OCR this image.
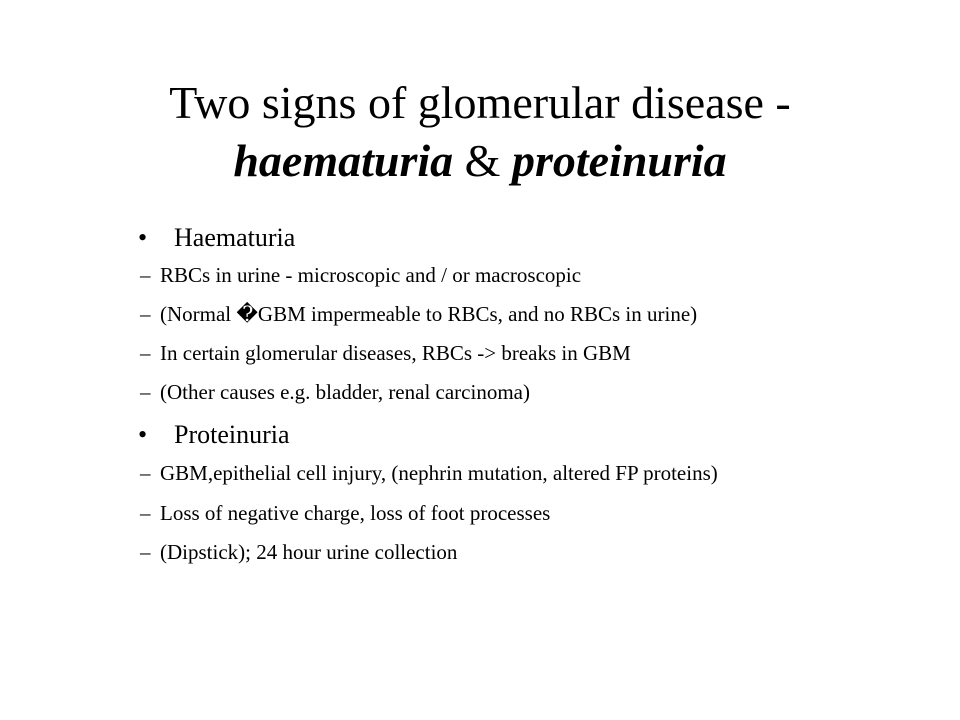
Two signs of glomerular disease -
haematuria & proteinuria
• Haematuria
– RBCs in urine - microscopic and / or macroscopic
– (Normal �GBM impermeable to RBCs, and no RBCs in urine)
– In certain glomerular diseases, RBCs -> breaks in GBM
– (Other causes e.g. bladder, renal carcinoma)
• Proteinuria
– GBM,epithelial cell injury, (nephrin mutation, altered FP proteins)
– Loss of negative charge, loss of foot processes
– (Dipstick); 24 hour urine collection
